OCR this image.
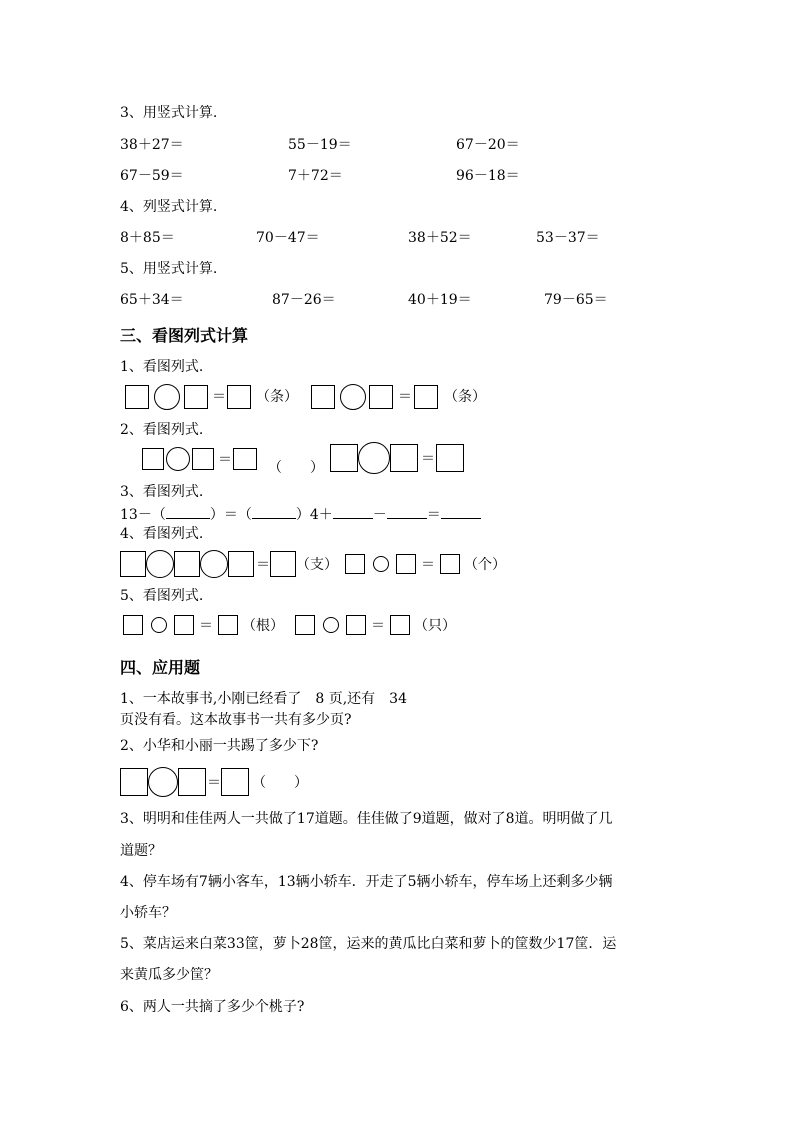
3、用竖式计算.
38＋27＝	55－19＝	67－20＝
67－59＝	7＋72＝	96－18＝
4、列竖式计算.
8＋85＝	70－47＝	38＋52＝	53－37＝
5、用竖式计算.
65＋34＝	87－26＝	40＋19＝	79－65＝
三、看图列式计算
1、看图列式.
＝ （条）	＝ （条）
2、看图列式.
＝	（　　）
＝
3、看图列式.
13－（	）＝（	）4＋	－	＝
4、看图列式.
＝ （支）	＝ （个）
5、看图列式.
＝ （根）	＝ （只）
四、应用题
1、一本故事书,小刚已经看了　8 页,还有　34
页没有看。这本故事书一共有多少页?
2、小华和小丽一共踢了多少下?
＝ （　　）
3、明明和佳佳两人一共做了17道题。佳佳做了9道题，做对了8道。明明做了几
道题？
4、停车场有7辆小客车，13辆小轿车．开走了5辆小轿车，停车场上还剩多少辆
小轿车？
5、菜店运来白菜33筐，萝卜28筐，运来的黄瓜比白菜和萝卜的筐数少17筐．运
来黄瓜多少筐？
6、两人一共摘了多少个桃子?
